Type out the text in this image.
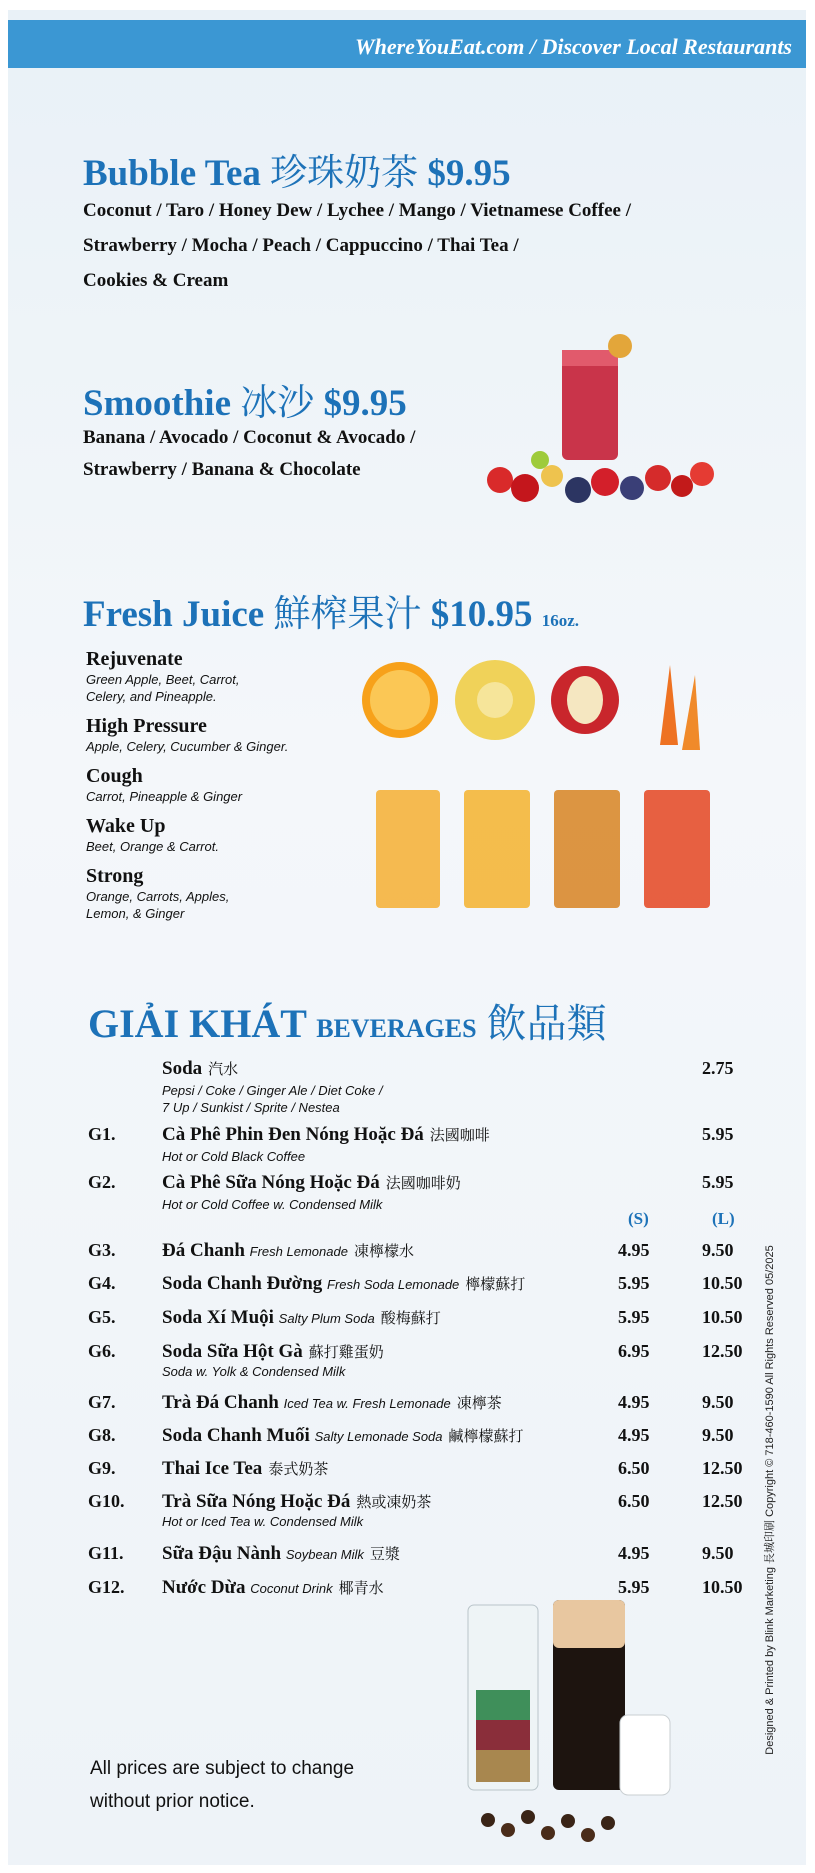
WhereYouEat.com / Discover Local Restaurants
Bubble Tea 珍珠奶茶 $9.95
Coconut / Taro / Honey Dew / Lychee / Mango / Vietnamese Coffee /
Strawberry / Mocha / Peach / Cappuccino / Thai Tea /
Cookies & Cream
Smoothie 冰沙 $9.95
Banana / Avocado / Coconut & Avocado /
Strawberry / Banana & Chocolate
Fresh Juice 鮮榨果汁 $10.95 16oz.
Rejuvenate
Green Apple, Beet, Carrot,
Celery, and Pineapple.
High Pressure
Apple, Celery, Cucumber & Ginger.
Cough
Carrot, Pineapple & Ginger
Wake Up
Beet, Orange & Carrot.
Strong
Orange, Carrots, Apples,
Lemon, & Ginger
GIẢI KHÁT BEVERAGES 飲品類
Soda 汽水
Pepsi / Coke / Ginger Ale / Diet Coke /
7 Up / Sunkist / Sprite / Nestea
2.75
G1. Cà Phê Phin Đen Nóng Hoặc Đá 法國咖啡
Hot or Cold Black Coffee
5.95
G2. Cà Phê Sữa Nóng Hoặc Đá 法國咖啡奶
Hot or Cold Coffee w. Condensed Milk
5.95
(S)	(L)
G3. Đá Chanh Fresh Lemonade 凍檸檬水	4.95	9.50
G4. Soda Chanh Đường Fresh Soda Lemonade 檸檬蘇打	5.95	10.50
G5. Soda Xí Muội Salty Plum Soda 酸梅蘇打	5.95	10.50
G6. Soda Sữa Hột Gà 蘇打雞蛋奶
Soda w. Yolk & Condensed Milk
6.95	12.50
G7. Trà Đá Chanh Iced Tea w. Fresh Lemonade 凍檸茶	4.95	9.50
G8. Soda Chanh Muối Salty Lemonade Soda 鹹檸檬蘇打	4.95	9.50
G9. Thai Ice Tea 泰式奶茶	6.50	12.50
G10. Trà Sữa Nóng Hoặc Đá 熱或凍奶茶
Hot or Iced Tea w. Condensed Milk
6.50	12.50
G11. Sữa Đậu Nành Soybean Milk 豆漿	4.95	9.50
G12. Nước Dừa Coconut Drink 椰青水	5.95	10.50
All prices are subject to change
without prior notice.
Designed & Printed by Blink Marketing 長城印刷 Copyright © 718-460-1590 All Rights Reserved 05/2025
